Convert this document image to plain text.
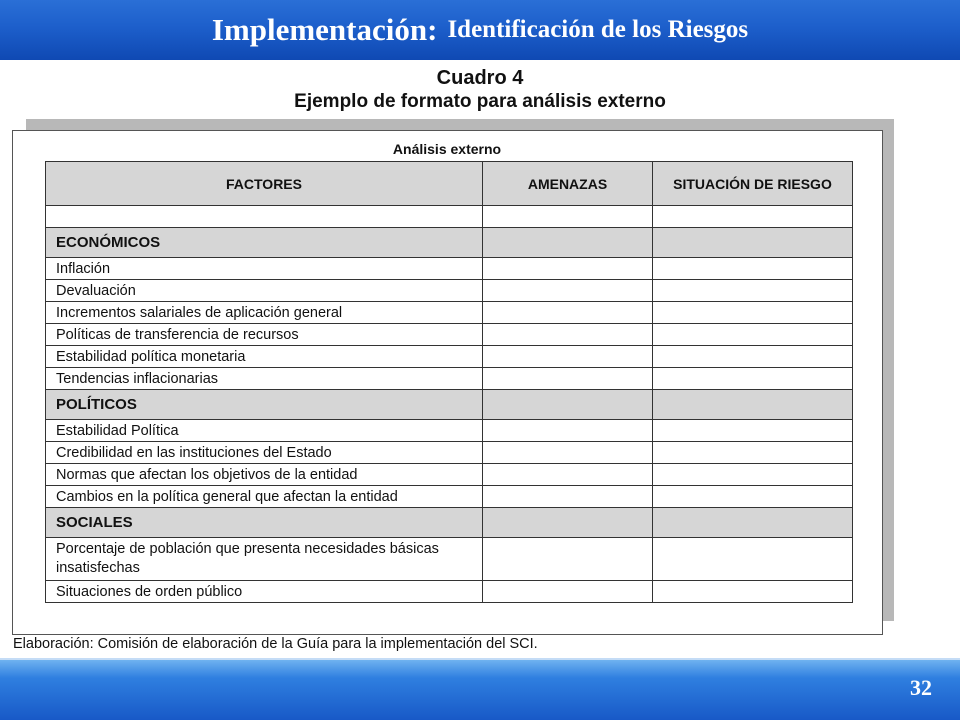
Implementación: Identificación de los Riesgos
Cuadro 4
Ejemplo de formato para análisis externo
Análisis externo
FACTORES	AMENAZAS	SITUACIÓN DE RIESGO

ECONÓMICOS		
Inflación		
Devaluación		
Incrementos salariales de aplicación general		
Políticas de transferencia de recursos		
Estabilidad política monetaria		
Tendencias inflacionarias		
POLÍTICOS		
Estabilidad Política		
Credibilidad en las instituciones del Estado		
Normas que afectan los objetivos de la entidad		
Cambios en la política general que afectan la entidad		
SOCIALES		
Porcentaje de población que presenta necesidades básicas insatisfechas		
Situaciones de orden público		
Elaboración: Comisión de elaboración de la Guía para la implementación del SCI.
32
